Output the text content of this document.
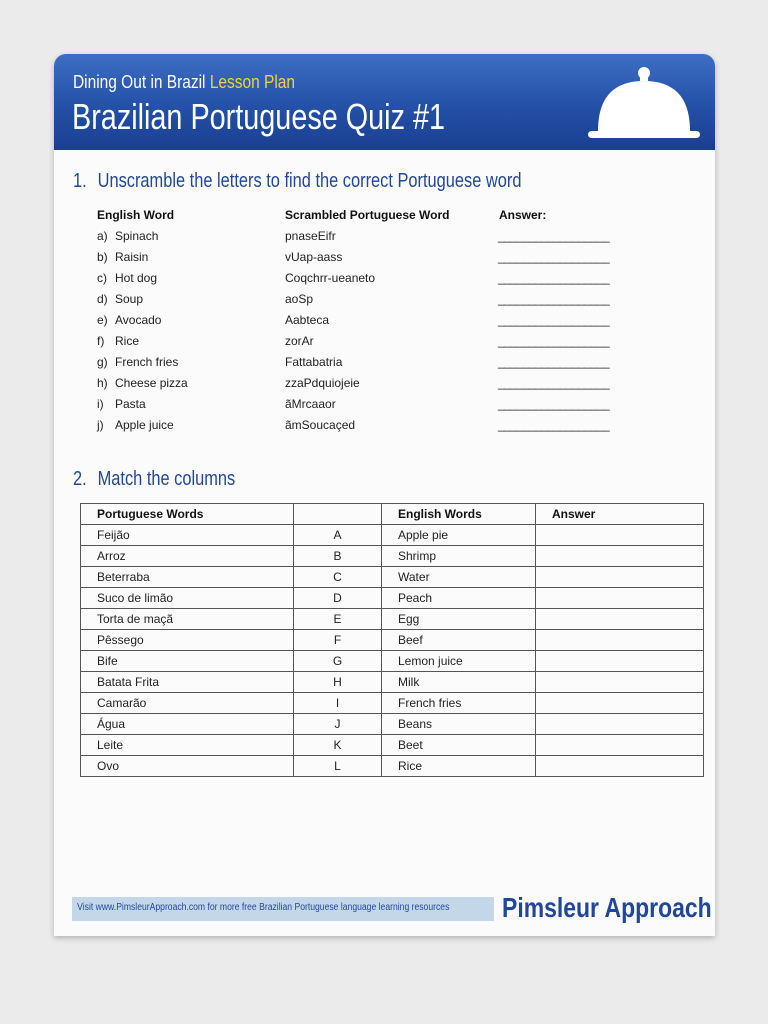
Dining Out in Brazil Lesson Plan
Brazilian Portuguese Quiz #1
1. Unscramble the letters to find the correct Portuguese word
English Word	Scrambled Portuguese Word	Answer:
a) Spinach	pnaseEifr	__________________
b) Raisin	vUap-aass	__________________
c) Hot dog	Coqchrr-ueaneto	__________________
d) Soup	aoSp	__________________
e) Avocado	Aabteca	__________________
f) Rice	zorAr	__________________
g) French fries	Fattabatria	__________________
h) Cheese pizza	zzaPdquiojeie	__________________
i) Pasta	ãMrcaaor	__________________
j) Apple juice	ãmSoucaçed	__________________
2. Match the columns
Portuguese Words		English Words	Answer
Feijão	A	Apple pie	
Arroz	B	Shrimp	
Beterraba	C	Water	
Suco de limão	D	Peach	
Torta de maçã	E	Egg	
Pêssego	F	Beef	
Bife	G	Lemon juice	
Batata Frita	H	Milk	
Camarão	I	French fries	
Água	J	Beans	
Leite	K	Beet	
Ovo	L	Rice	
Visit www.PimsleurApproach.com for more free Brazilian Portuguese language learning resources	Pimsleur Approach
